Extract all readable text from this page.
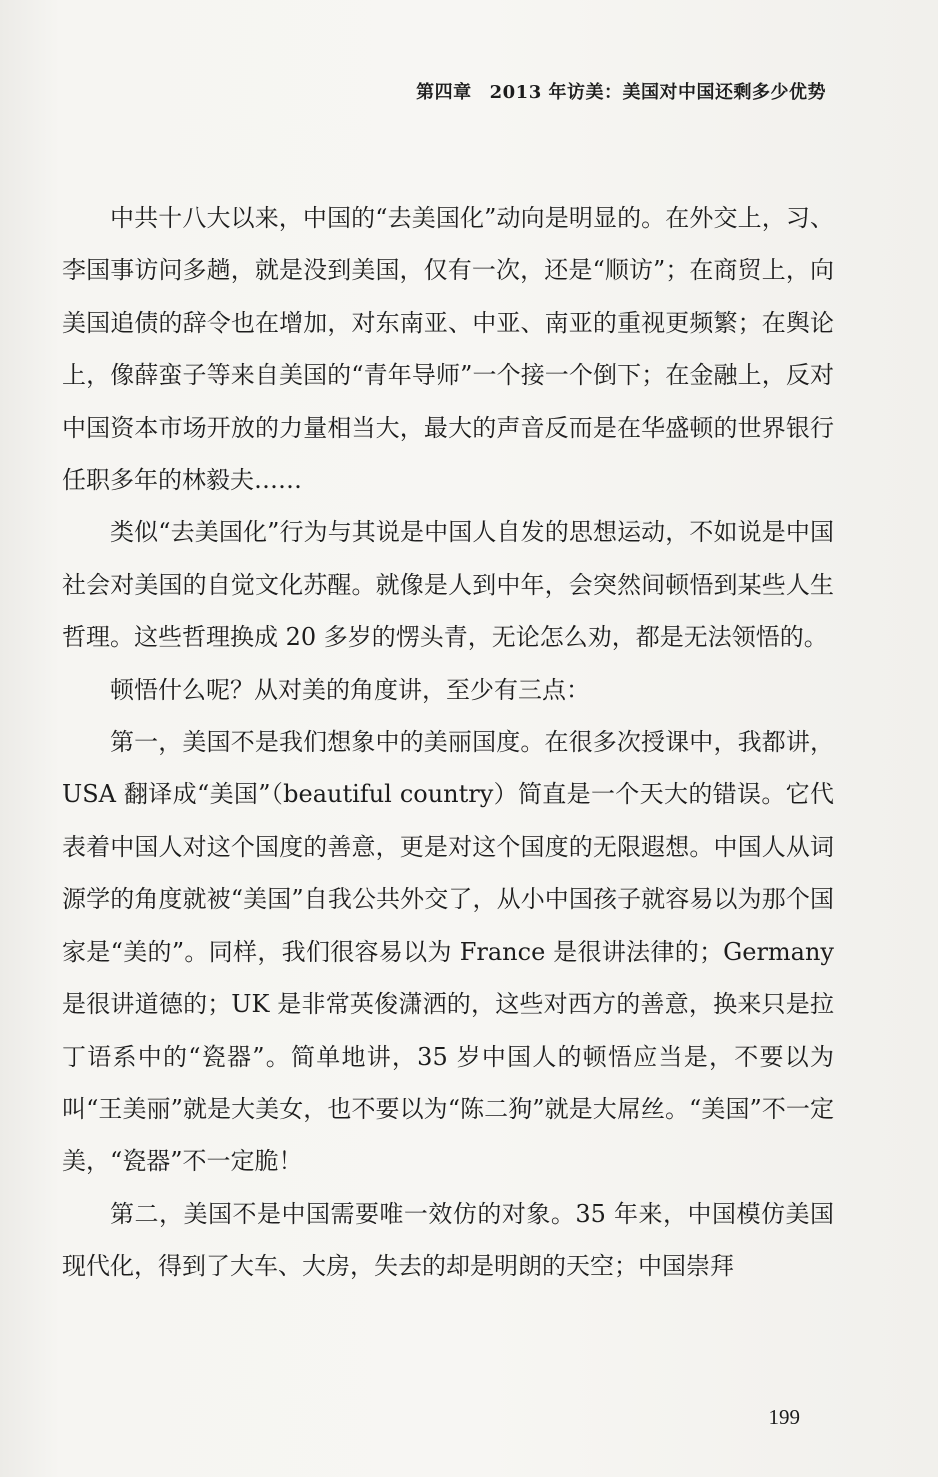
第四章 2013 年访美：美国对中国还剩多少优势

中共十八大以来，中国的“去美国化”动向是明显的。在外交上，习、李国事访问多趟，就是没到美国，仅有一次，还是“顺访”；在商贸上，向美国追债的辞令也在增加，对东南亚、中亚、南亚的重视更频繁；在舆论上，像薛蛮子等来自美国的“青年导师”一个接一个倒下；在金融上，反对中国资本市场开放的力量相当大，最大的声音反而是在华盛顿的世界银行任职多年的林毅夫……

类似“去美国化”行为与其说是中国人自发的思想运动，不如说是中国社会对美国的自觉文化苏醒。就像是人到中年，会突然间顿悟到某些人生哲理。这些哲理换成 20 多岁的愣头青，无论怎么劝，都是无法领悟的。

顿悟什么呢？从对美的角度讲，至少有三点：

第一，美国不是我们想象中的美丽国度。在很多次授课中，我都讲，USA 翻译成“美国”（beautiful country）简直是一个天大的错误。它代表着中国人对这个国度的善意，更是对这个国度的无限遐想。中国人从词源学的角度就被“美国”自我公共外交了，从小中国孩子就容易以为那个国家是“美的”。同样，我们很容易以为 France 是很讲法律的；Germany 是很讲道德的；UK 是非常英俊潇洒的，这些对西方的善意，换来只是拉丁语系中的“瓷器”。简单地讲，35 岁中国人的顿悟应当是，不要以为叫“王美丽”就是大美女，也不要以为“陈二狗”就是大屌丝。“美国”不一定美，“瓷器”不一定脆！

第二，美国不是中国需要唯一效仿的对象。35 年来，中国模仿美国现代化，得到了大车、大房，失去的却是明朗的天空；中国崇拜

199
